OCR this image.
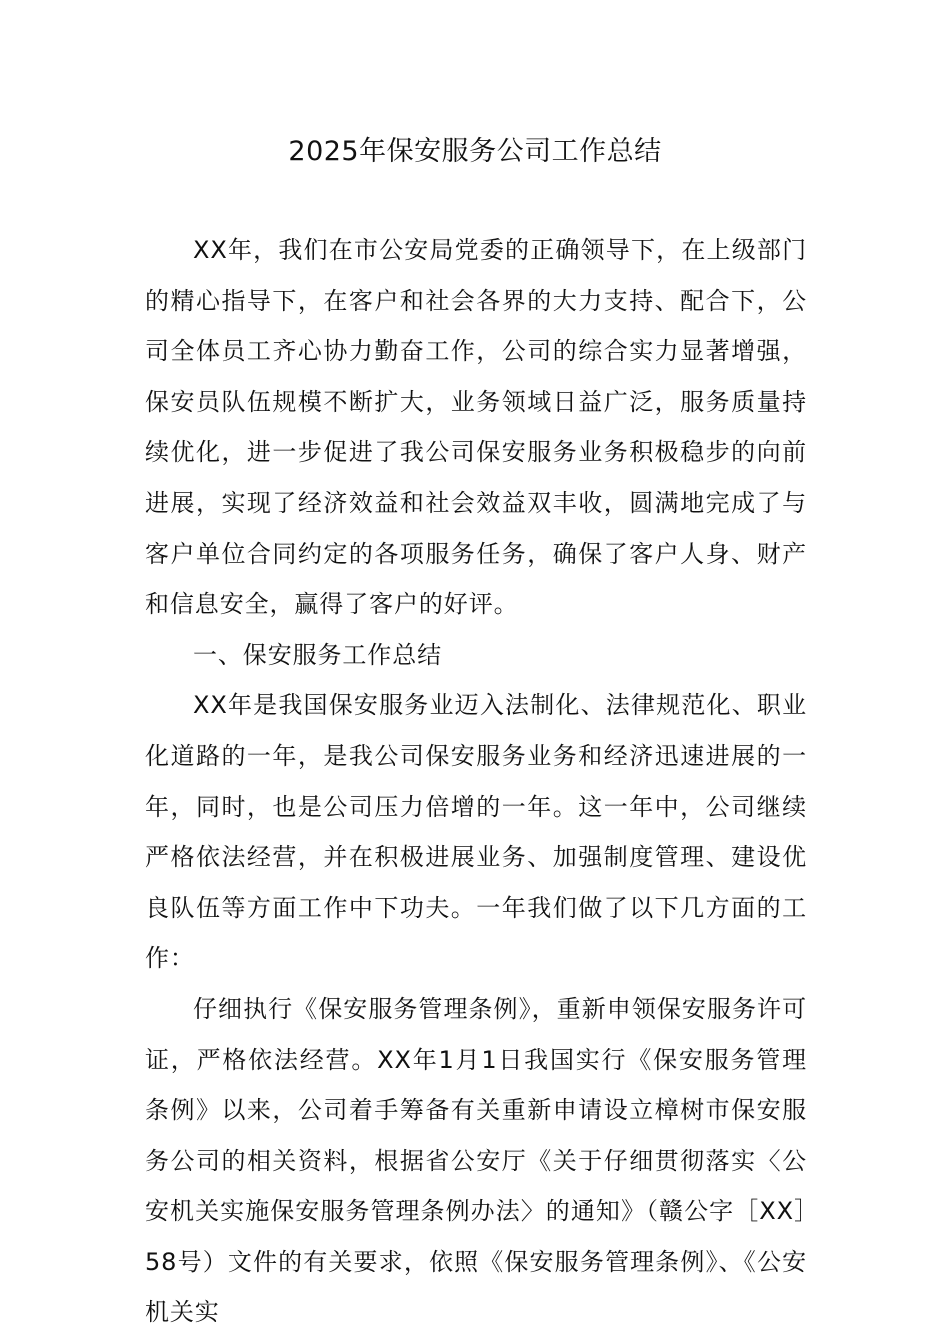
2025年保安服务公司工作总结

XX年，我们在市公安局党委的正确领导下，在上级部门的精心指导下，在客户和社会各界的大力支持、配合下，公司全体员工齐心协力勤奋工作，公司的综合实力显著增强，保安员队伍规模不断扩大，业务领域日益广泛，服务质量持续优化，进一步促进了我公司保安服务业务积极稳步的向前进展，实现了经济效益和社会效益双丰收，圆满地完成了与客户单位合同约定的各项服务任务，确保了客户人身、财产和信息安全，赢得了客户的好评。

一、保安服务工作总结

XX年是我国保安服务业迈入法制化、法律规范化、职业化道路的一年，是我公司保安服务业务和经济迅速进展的一年，同时，也是公司压力倍增的一年。这一年中，公司继续严格依法经营，并在积极进展业务、加强制度管理、建设优良队伍等方面工作中下功夫。一年我们做了以下几方面的工作：

仔细执行《保安服务管理条例》，重新申领保安服务许可证，严格依法经营。XX年1月1日我国实行《保安服务管理条例》以来，公司着手筹备有关重新申请设立樟树市保安服务公司的相关资料，根据省公安厅《关于仔细贯彻落实〈公安机关实施保安服务管理条例办法〉的通知》（赣公字［XX］58号）文件的有关要求，依照《保安服务管理条例》、《公安机关实
